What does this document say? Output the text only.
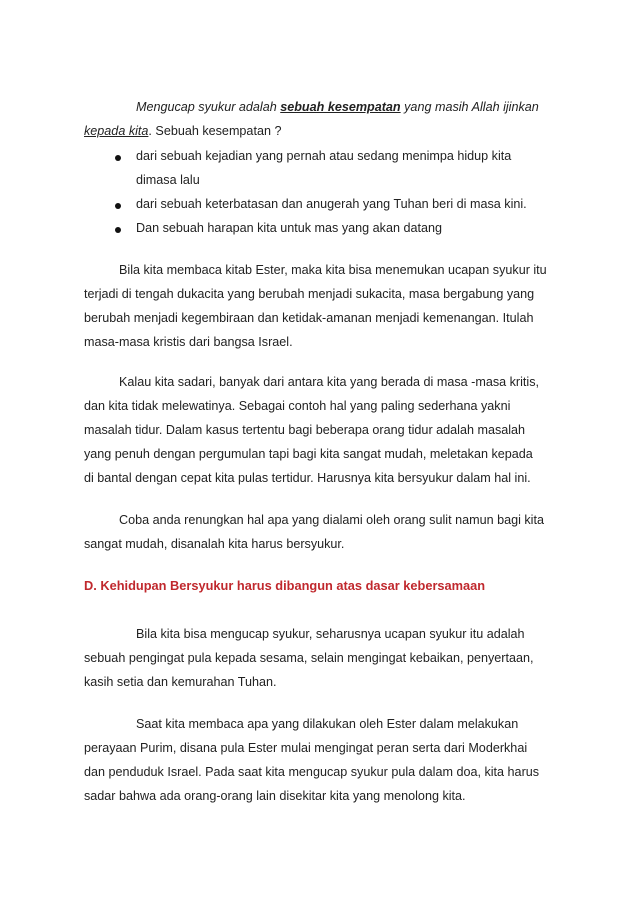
Mengucap syukur adalah sebuah kesempatan yang masih Allah ijinkan
kepada kita. Sebuah kesempatan ?
dari sebuah kejadian yang pernah atau sedang menimpa hidup kita
dimasa lalu
dari sebuah keterbatasan dan anugerah yang Tuhan beri di masa kini.
Dan sebuah harapan kita untuk mas yang akan datang
Bila kita membaca kitab Ester, maka kita bisa menemukan ucapan syukur itu
terjadi di tengah dukacita yang berubah menjadi sukacita, masa bergabung yang
berubah menjadi kegembiraan dan ketidak-amanan menjadi kemenangan. Itulah
masa-masa kristis dari bangsa Israel.
Kalau kita sadari, banyak dari antara kita yang berada di masa -masa kritis,
dan kita tidak melewatinya. Sebagai contoh hal yang paling sederhana yakni
masalah tidur. Dalam kasus tertentu bagi beberapa orang tidur adalah masalah
yang penuh dengan pergumulan tapi bagi kita sangat mudah, meletakan kepada
di bantal dengan cepat kita pulas tertidur. Harusnya kita bersyukur dalam hal ini.
Coba anda renungkan hal apa yang dialami oleh orang sulit namun bagi kita
sangat mudah, disanalah kita harus bersyukur.
D. Kehidupan Bersyukur harus dibangun atas dasar kebersamaan
Bila kita bisa mengucap syukur, seharusnya ucapan syukur itu adalah
sebuah pengingat pula kepada sesama, selain mengingat kebaikan, penyertaan,
kasih setia dan kemurahan Tuhan.
Saat kita membaca apa yang dilakukan oleh Ester dalam melakukan
perayaan Purim, disana pula Ester mulai mengingat peran serta dari Moderkhai
dan penduduk Israel. Pada saat kita mengucap syukur pula dalam doa, kita harus
sadar bahwa ada orang-orang lain disekitar kita yang menolong kita.
